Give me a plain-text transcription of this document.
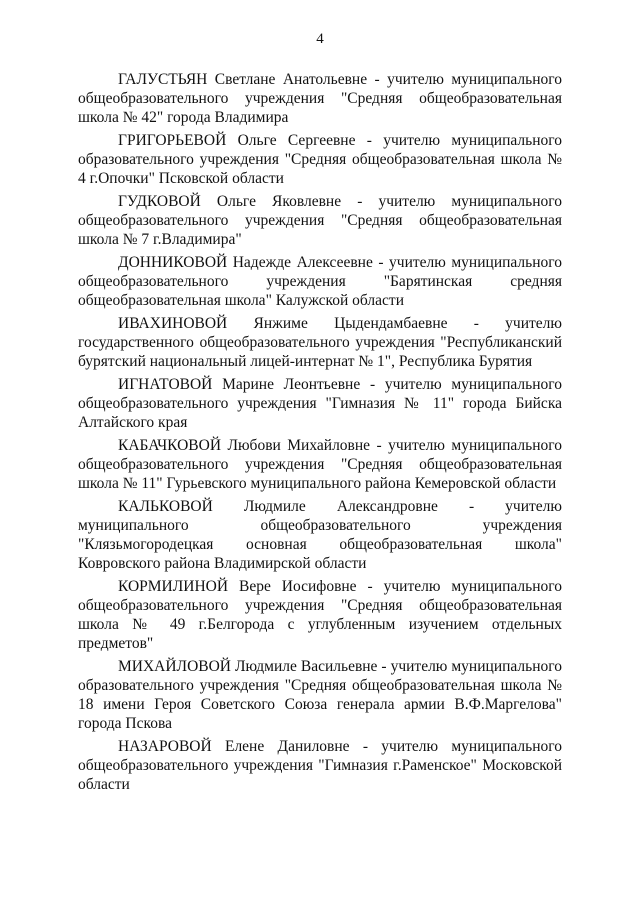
4

ГАЛУСТЬЯН Светлане Анатольевне - учителю муниципального общеобразовательного учреждения "Средняя общеобразовательная школа № 42" города Владимира

ГРИГОРЬЕВОЙ Ольге Сергеевне - учителю муниципального образовательного учреждения "Средняя общеобразовательная школа № 4 г.Опочки" Псковской области

ГУДКОВОЙ Ольге Яковлевне - учителю муниципального общеобразовательного учреждения "Средняя общеобразовательная школа № 7 г.Владимира"

ДОННИКОВОЙ Надежде Алексеевне - учителю муниципального общеобразовательного учреждения "Барятинская средняя общеобразовательная школа" Калужской области

ИВАХИНОВОЙ Янжиме Цыдендамбаевне - учителю государственного общеобразовательного учреждения "Республиканский бурятский национальный лицей-интернат № 1", Республика Бурятия

ИГНАТОВОЙ Марине Леонтьевне - учителю муниципального общеобразовательного учреждения "Гимназия № 11" города Бийска Алтайского края

КАБАЧКОВОЙ Любови Михайловне - учителю муниципального общеобразовательного учреждения "Средняя общеобразовательная школа № 11" Гурьевского муниципального района Кемеровской области

КАЛЬКОВОЙ Людмиле Александровне - учителю муниципального общеобразовательного учреждения "Клязьмогородецкая основная общеобразовательная школа" Ковровского района Владимирской области

КОРМИЛИНОЙ Вере Иосифовне - учителю муниципального общеобразовательного учреждения "Средняя общеобразовательная школа № 49 г.Белгорода с углубленным изучением отдельных предметов"

МИХАЙЛОВОЙ Людмиле Васильевне - учителю муниципального образовательного учреждения "Средняя общеобразовательная школа № 18 имени Героя Советского Союза генерала армии В.Ф.Маргелова" города Пскова

НАЗАРОВОЙ Елене Даниловне - учителю муниципального общеобразовательного учреждения "Гимназия г.Раменское" Московской области
